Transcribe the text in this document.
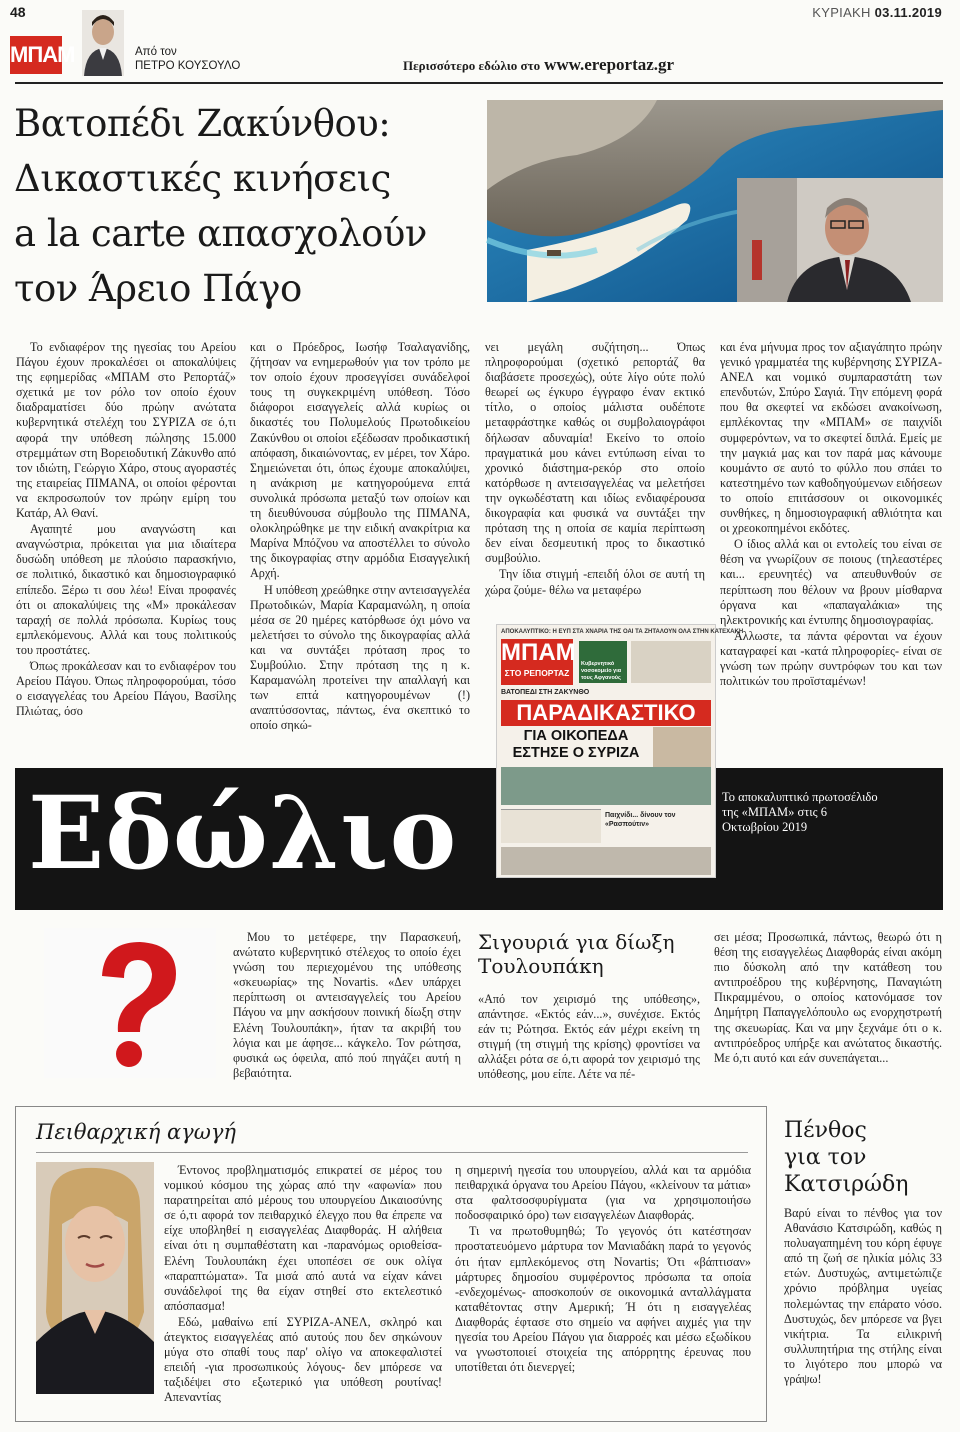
48	ΚΥΡΙΑΚΗ 03.11.2019
ΜΠΑΜ	Από τον
ΠΕΤΡΟ ΚΟΥΣΟΥΛΟ	Περισσότερο εδώλιο στο www.ereportaz.gr
Βατοπέδι Ζακύνθου:
Δικαστικές κινήσεις
a la carte απασχολούν
τον Άρειο Πάγο

Το ενδιαφέρον της ηγεσίας του Αρείου Πάγου έχουν προκαλέσει οι αποκαλύψεις της εφημερίδας «ΜΠΑΜ στο Ρεπορτάζ» σχετικά με τον ρόλο τον οποίο έχουν διαδραματίσει δύο πρώην ανώτατα κυβερνητικά στελέχη του ΣΥΡΙΖΑ σε ό,τι αφορά την υπόθεση πώλησης 15.000 στρεμμάτων στη Βορειοδυτική Ζάκυνθο από τον ιδιώτη, Γεώργιο Χάρο, στους αγοραστές της εταιρείας ΠΙΜΑΝΑ, οι οποίοι φέρονται να εκπροσωπούν τον πρώην εμίρη του Κατάρ, Αλ Θανί.

Αγαπητέ μου αναγνώστη και αναγνώστρια, πρόκειται για μια ιδιαίτερα δυσώδη υπόθεση με πλούσιο παρασκήνιο, σε πολιτικό, δικαστικό και δημοσιογραφικό επίπεδο. Ξέρω τι σου λέω! Είναι προφανές ότι οι αποκαλύψεις της «Μ» προκάλεσαν ταραχή σε πολλά πρόσωπα. Κυρίως τους εμπλεκόμενους. Αλλά και τους πολιτικούς του προστάτες.

Όπως προκάλεσαν και το ενδιαφέρον του Αρείου Πάγου. Όπως πληροφορούμαι, τόσο ο εισαγγελέας του Αρείου Πάγου, Βασίλης Πλιώτας, όσο

και ο Πρόεδρος, Ιωσήφ Τσαλαγανίδης, ζήτησαν να ενημερωθούν για τον τρόπο με τον οποίο έχουν προσεγγίσει συνάδελφοί τους τη συγκεκριμένη υπόθεση. Τόσο διάφοροι εισαγγελείς αλλά κυρίως οι δικαστές του Πολυμελούς Πρωτοδικείου Ζακύνθου οι οποίοι εξέδωσαν προδικαστική απόφαση, δικαιώνοντας, εν μέρει, τον Χάρο. Σημειώνεται ότι, όπως έχουμε αποκαλύψει, η ανάκριση με κατηγορούμενα επτά συνολικά πρόσωπα μεταξύ των οποίων και τη διευθύνουσα σύμβουλο της ΠΙΜΑΝΑ, ολοκληρώθηκε με την ειδική ανακρίτρια κα Μαρίνα Μπόζνου να αποστέλλει το σύνολο της δικογραφίας στην αρμόδια Εισαγγελική Αρχή.

Η υπόθεση χρεώθηκε στην αντεισαγγελέα Πρωτοδικών, Μαρία Καραμανώλη, η οποία μέσα σε 20 ημέρες κατόρθωσε όχι μόνο να μελετήσει το σύνολο της δικογραφίας αλλά και να συντάξει πρόταση προς το Συμβούλιο. Στην πρόταση της η κ. Καραμανώλη προτείνει την απαλλαγή και των επτά κατηγορουμένων (!) αναπτύσσοντας, πάντως, ένα σκεπτικό το οποίο σηκώ-

νει μεγάλη συζήτηση... Όπως πληροφορούμαι (σχετικό ρεπορτάζ θα διαβάσετε προσεχώς), ούτε λίγο ούτε πολύ θεωρεί ως έγκυρο έγγραφο έναν εκτικό τίτλο, ο οποίος μάλιστα ουδέποτε μεταφράστηκε καθώς οι συμβολαιογράφοι δήλωσαν αδυναμία! Εκείνο το οποίο πραγματικά μου κάνει εντύπωση είναι το χρονικό διάστημα-ρεκόρ στο οποίο κατόρθωσε η αντεισαγγελέας να μελετήσει την ογκωδέστατη και ιδίως ενδιαφέρουσα δικογραφία και φυσικά να συντάξει την πρόταση της η οποία σε καμία περίπτωση δεν είναι δεσμευτική προς το δικαστικό συμβούλιο.

Την ίδια στιγμή -επειδή όλοι σε αυτή τη χώρα ζούμε- θέλω να μεταφέρω

και ένα μήνυμα προς τον αξιαγάπητο πρώην γενικό γραμματέα της κυβέρνησης ΣΥΡΙΖΑ-ΑΝΕΛ και νομικό συμπαραστάτη των επενδυτών, Σπύρο Σαγιά. Την επόμενη φορά που θα σκεφτεί να εκδώσει ανακοίνωση, εμπλέκοντας την «ΜΠΑΜ» σε παιχνίδι συμφερόντων, να το σκεφτεί διπλά. Εμείς με την μαγκιά μας και τον παρά μας κάνουμε κουμάντο σε αυτό το φύλλο που σπάει το κατεστημένο των καθοδηγούμενων ειδήσεων το οποίο επιτάσσουν οι οικονομικές συνθήκες, η δημοσιογραφική αθλιότητα και οι χρεοκοπημένοι εκδότες.

Ο ίδιος αλλά και οι εντολείς του είναι σε θέση να γνωρίζουν σε ποιους (τηλεαστέρες και... ερευνητές) να απευθυνθούν σε περίπτωση που θέλουν να βρουν μίσθαρνα όργανα και «παπαγαλάκια» της ηλεκτρονικής και έντυπης δημοσιογραφίας.

Άλλωστε, τα πάντα φέρονται να έχουν καταγραφεί και -κατά πληροφορίες- είναι σε γνώση των πρώην συντρόφων του και των πολιτικών του προϊσταμένων!

Εδώλιο	Το αποκαλυπτικό πρωτοσέλιδο της «ΜΠΑΜ» στις 6 Οκτωβρίου 2019
ΑΠΟΚΑΛΥΠΤΙΚΟ: Η ΕΥΠ ΣΤΑ ΧΝΑΡΙΑ ΤΗΣ ΟΑΙ ΤΑ ΖΗΤΑΛΟΥΝ ΟΛΑ ΣΤΗΝ ΚΑΤΕΧΑΚΗ
ΜΠΑΜ
ΣΤΟ ΡΕΠΟΡΤΑΖ
Κυβερνητικό νοσοκομείο για τους Αφγανούς
ΒΑΤΟΠΕΔΙ ΣΤΗ ΖΑΚΥΝΘΟ
ΠΑΡΑΔΙΚΑΣΤΙΚΟ
ΓΙΑ ΟΙΚΟΠΕΔΑ
ΕΣΤΗΣΕ Ο ΣΥΡΙΖΑ
Παιχνίδι... δίνουν τον «Ρασπούτιν»

Μου το μετέφερε, την Παρασκευή, ανώτατο κυβερνητικό στέλεχος το οποίο έχει γνώση του περιεχομένου της υπόθεσης «σκευωρίας» της Novartis. «Δεν υπάρχει περίπτωση οι αντεισαγγελείς του Αρείου Πάγου να μην ασκήσουν ποινική δίωξη στην Ελένη Τουλουπάκη», ήταν τα ακριβή του λόγια και με άφησε... κάγκελο. Τον ρώτησα, φυσικά ως όφειλα, από πού πηγάζει αυτή η βεβαιότητα.

Σιγουριά για δίωξη Τουλουπάκη

«Από τον χειρισμό της υπόθεσης», απάντησε. «Εκτός εάν...», συνέχισε. Εκτός εάν τι; Ρώτησα. Εκτός εάν μέχρι εκείνη τη στιγμή (τη στιγμή της κρίσης) φροντίσει να αλλάξει ρότα σε ό,τι αφορά τον χειρισμό της υπόθεσης, μου είπε. Λέτε να πέ-

σει μέσα; Προσωπικά, πάντως, θεωρώ ότι η θέση της εισαγγελέως Διαφθοράς είναι ακόμη πιο δύσκολη από την κατάθεση του αντιπροέδρου της κυβέρνησης, Παναγιώτη Πικραμμένου, ο οποίος κατονόμασε τον Δημήτρη Παπαγγελόπουλο ως ενορχηστρωτή της σκευωρίας. Και να μην ξεχνάμε ότι ο κ. αντιπρόεδρος υπήρξε και ανώτατος δικαστής. Με ό,τι αυτό και εάν συνεπάγεται...

Πειθαρχική αγωγή

Έντονος προβληματισμός επικρατεί σε μέρος του νομικού κόσμου της χώρας από την «αφωνία» που παρατηρείται από μέρους του υπουργείου Δικαιοσύνης σε ό,τι αφορά τον πειθαρχικό έλεγχο που θα έπρεπε να είχε υποβληθεί η εισαγγελέας Διαφθοράς. Η αλήθεια είναι ότι η συμπαθέστατη και -παρανόμως οριοθείσα- Ελένη Τουλουπάκη έχει υποπέσει σε ουκ ολίγα «παραπτώματα». Τα μισά από αυτά να είχαν κάνει συνάδελφοί της θα είχαν στηθεί στο εκτελεστικό απόσπασμα!

Εδώ, μαθαίνω επί ΣΥΡΙΖΑ-ΑΝΕΛ, σκληρό και άτεγκτος εισαγγελέας από αυτούς που δεν σηκώνουν μύγα στο σπαθί τους παρ' ολίγο να αποκεφαλιστεί επειδή -για προσωπικούς λόγους- δεν μπόρεσε να ταξιδέψει στο εξωτερικό για υπόθεση ρουτίνας! Απεναντίας

η σημερινή ηγεσία του υπουργείου, αλλά και τα αρμόδια πειθαρχικά όργανα του Αρείου Πάγου, «κλείνουν τα μάτια» στα φαλτσοσφυρίγματα (για να χρησιμοποιήσω ποδοσφαιρικό όρο) των εισαγγελέων Διαφθοράς.

Τι να πρωτοθυμηθώ; Το γεγονός ότι κατέστησαν προστατευόμενο μάρτυρα τον Μανιαδάκη παρά το γεγονός ότι ήταν εμπλεκόμενος στη Novartis; Ότι «βάπτισαν» μάρτυρες δημοσίου συμφέροντος πρόσωπα τα οποία -ενδεχομένως- αποσκοπούν σε οικονομικά ανταλλάγματα καταθέτοντας στην Αμερική; Ή ότι η εισαγγελέας Διαφθοράς έφτασε στο σημείο να αφήνει αιχμές για την ηγεσία του Αρείου Πάγου για διαρροές και μέσω εξωδίκου να γνωστοποιεί στοιχεία της απόρρητης έρευνας που υποτίθεται ότι διενεργεί;

Πένθος
για τον
Κατσιρώδη

Βαρύ είναι το πένθος για τον Αθανάσιο Κατσιρώδη, καθώς η πολυαγαπημένη του κόρη έφυγε από τη ζωή σε ηλικία μόλις 33 ετών. Δυστυχώς, αντιμετώπιζε χρόνιο πρόβλημα υγείας πολεμώντας την επάρατο νόσο. Δυστυχώς, δεν μπόρεσε να βγει νικήτρια. Τα ειλικρινή συλλυπητήρια της στήλης είναι το λιγότερο που μπορώ να γράψω!
